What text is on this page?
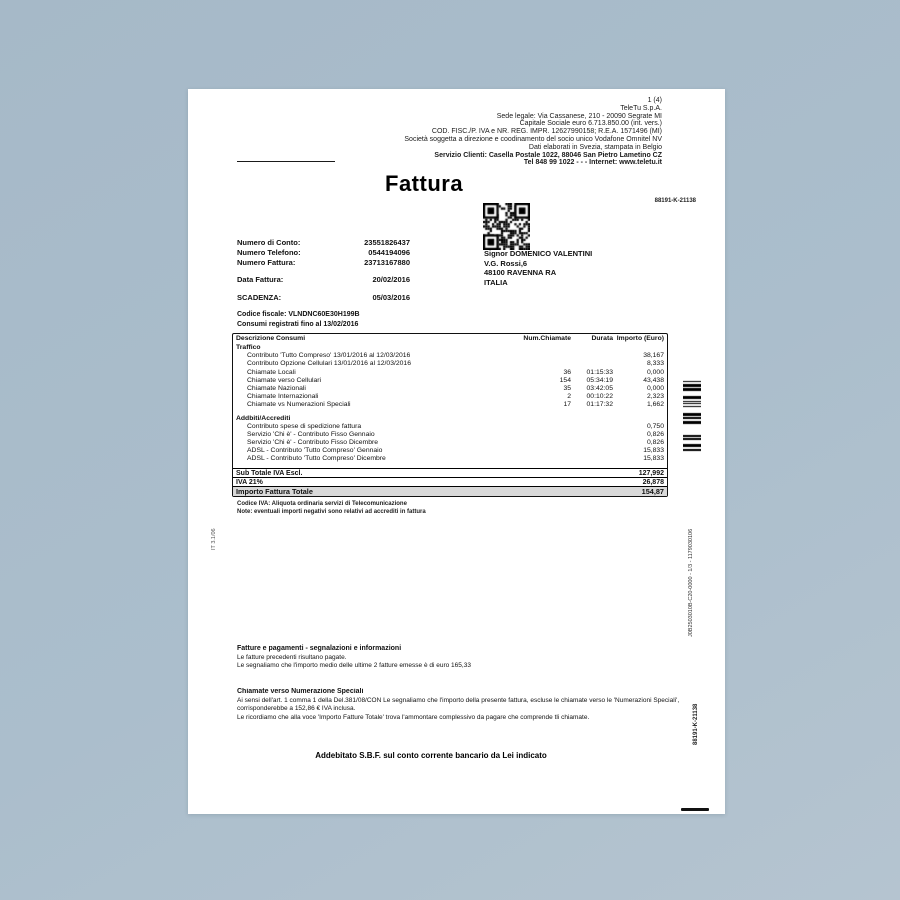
1 (4)
TeleTu S.p.A.
Sede legale: Via Cassanese, 210 - 20090 Segrate MI
Capitale Sociale euro 6.713.850.00 (int. vers.)
COD. FISC./P. IVA e NR. REG. IMPR. 12627990158; R.E.A. 1571496 (MI)
Società soggetta a direzione e coodinamento del socio unico Vodafone Omnitel NV
Dati elaborati in Svezia, stampata in Belgio
Servizio Clienti: Casella Postale 1022, 88046 San Pietro Lametino CZ
Tel 848 99 1022 - - - Internet: www.teletu.it
Fattura
88191-K-21138
Numero di Conto:	23551826437
Numero Telefono:	0544194096
Numero Fattura:	23713167880
Data Fattura:	20/02/2016
SCADENZA:	05/03/2016
Signor DOMENICO VALENTINI
V.G. Rossi,6
48100 RAVENNA RA
ITALIA
Codice fiscale: VLNDNC60E30H199B
Consumi registrati fino al 13/02/2016
Descrizione Consumi	Num.Chiamate	Durata Importo (Euro)
Traffico
Contributo 'Tutto Compreso' 13/01/2016 al 12/03/2016	38,167
Contributo Opzione Cellulari 13/01/2016 al 12/03/2016	8,333
Chiamate Locali	36	01:15:33	0,000
Chiamate verso Cellulari	154	05:34:19	43,438
Chiamate Nazionali	35	03:42:05	0,000
Chiamate Internazionali	2	00:10:22	2,323
Chiamate vs Numerazioni Speciali	17	01:17:32	1,662
Addbiti/Accrediti
Contributo spese di spedizione fattura	0,750
Servizio 'Chi è' - Contributo Fisso Gennaio	0,826
Servizio 'Chi è' - Contributo Fisso Dicembre	0,826
ADSL - Contributo 'Tutto Compreso' Gennaio	15,833
ADSL - Contributo 'Tutto Compreso' Dicembre	15,833
Sub Totale IVA Escl.	127,992
IVA 21%	26,878
Importo Fattura Totale	154,87
Codice IVA: Aliquota ordinaria servizi di Telecomunicazione
Note: eventuali importi negativi sono relativi ad accrediti in fattura
IT 3.1/06	J0B2503010B-C20-0000 - 1/3 - 1179030106
88191-K-21138
Fatture e pagamenti - segnalazioni e informazioni
Le fatture precedenti risultano pagate.
Le segnaliamo che l'importo medio delle ultime 2 fatture emesse è di euro 165,33
Chiamate verso Numerazione Speciali
Ai sensi dell'art. 1 comma 1 della Del.381/08/CON Le segnaliamo che l'importo della presente fattura, escluse le chiamate verso le 'Numerazioni Speciali',
corrisponderebbe a 152,86 € IVA inclusa.
Le ricordiamo che alla voce 'Importo Fatture Totale' trova l'ammontare complessivo da pagare che comprende tli chiamate.
Addebitato S.B.F. sul conto corrente bancario da Lei indicato
